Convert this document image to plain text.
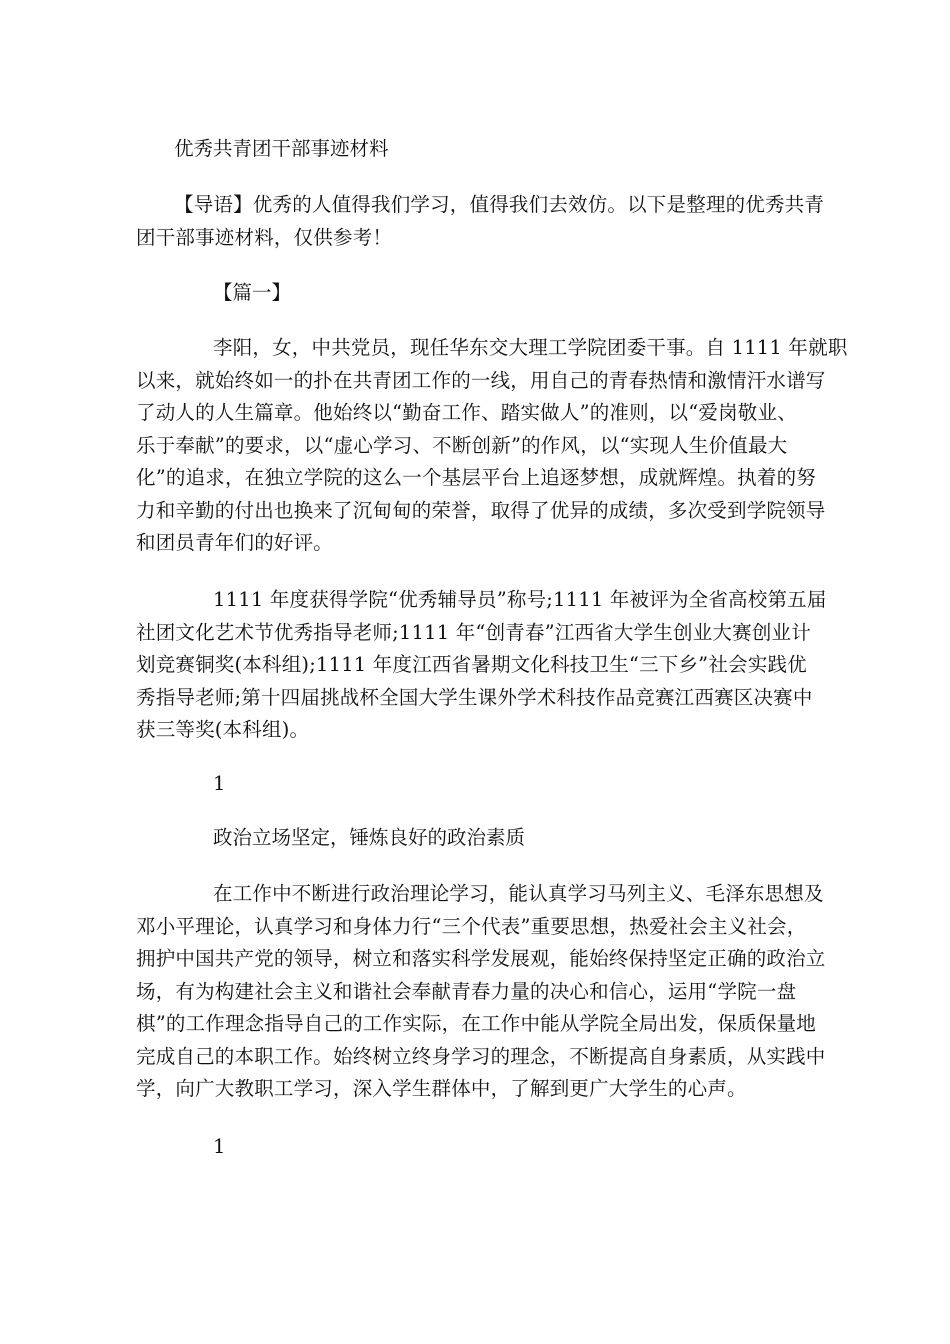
优秀共青团干部事迹材料
【导语】优秀的人值得我们学习，值得我们去效仿。以下是整理的优秀共青
团干部事迹材料，仅供参考！
【篇一】
李阳，女，中共党员，现任华东交大理工学院团委干事。自 1111 年就职
以来，就始终如一的扑在共青团工作的一线，用自己的青春热情和激情汗水谱写
了动人的人生篇章。他始终以“勤奋工作、踏实做人”的准则，以“爱岗敬业、
乐于奉献”的要求，以“虚心学习、不断创新”的作风，以“实现人生价值最大
化”的追求，在独立学院的这么一个基层平台上追逐梦想，成就辉煌。执着的努
力和辛勤的付出也换来了沉甸甸的荣誉，取得了优异的成绩，多次受到学院领导
和团员青年们的好评。
1111 年度获得学院“优秀辅导员”称号;1111 年被评为全省高校第五届
社团文化艺术节优秀指导老师;1111 年“创青春”江西省大学生创业大赛创业计
划竞赛铜奖(本科组);1111 年度江西省暑期文化科技卫生“三下乡”社会实践优
秀指导老师;第十四届挑战杯全国大学生课外学术科技作品竞赛江西赛区决赛中
获三等奖(本科组)。
1
政治立场坚定，锤炼良好的政治素质
在工作中不断进行政治理论学习，能认真学习马列主义、毛泽东思想及
邓小平理论，认真学习和身体力行“三个代表”重要思想，热爱社会主义社会，
拥护中国共产党的领导，树立和落实科学发展观，能始终保持坚定正确的政治立
场，有为构建社会主义和谐社会奉献青春力量的决心和信心，运用“学院一盘
棋”的工作理念指导自己的工作实际，在工作中能从学院全局出发，保质保量地
完成自己的本职工作。始终树立终身学习的理念，不断提高自身素质，从实践中
学，向广大教职工学习，深入学生群体中，了解到更广大学生的心声。
1
